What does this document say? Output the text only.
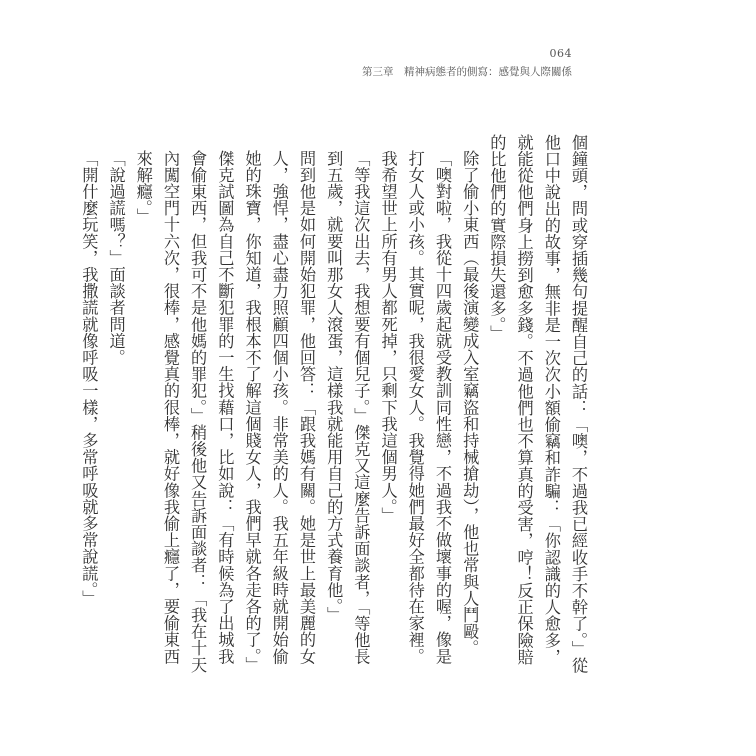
064
第三章　精神病態者的側寫：感覺與人際關係

個鐘頭，問或穿插幾句提醒自己的話：「噢，不過我已經收手不幹了。」從他口中說出的故事，無非是一次次小額偷竊和詐騙：「你認識的人愈多，就能從他們身上撈到愈多錢。不過他們也不算真的受害，哼！反正保險賠的比他們的實際損失還多。」

除了偷小東西（最後演變成入室竊盜和持械搶劫），他也常與人鬥毆。「噢對啦，我從十四歲起就受教訓同性戀，不過我不做壞事的喔，像是打女人或小孩。其實呢，我很愛女人。我覺得她們最好全都待在家裡。我希望世上所有男人都死掉，只剩下我這個男人。」

「等我這次出去，我想要有個兒子。」傑克又這麼告訴面談者，「等他長到五歲，就要叫那女人滾蛋，這樣我就能用自己的方式養育他。」

問到他是如何開始犯罪，他回答：「跟我媽有關。她是世上最美麗的女人，強悍，盡心盡力照顧四個小孩。非常美的人。我五年級時就開始偷她的珠寶，你知道，我根本不了解這個賤女人，我們早就各走各的了。」傑克試圖為自己不斷犯罪的一生找藉口，比如說：「有時候為了出城我會偷東西，但我可不是他媽的罪犯。」稍後他又告訴面談者：「我在十天內闖空門十六次，很棒，感覺真的很棒，就好像我偷上癮了，要偷東西來解癮。」

「說過謊嗎？」面談者問道。

「開什麼玩笑，我撒謊就像呼吸一樣，多常呼吸就多常說謊。」
